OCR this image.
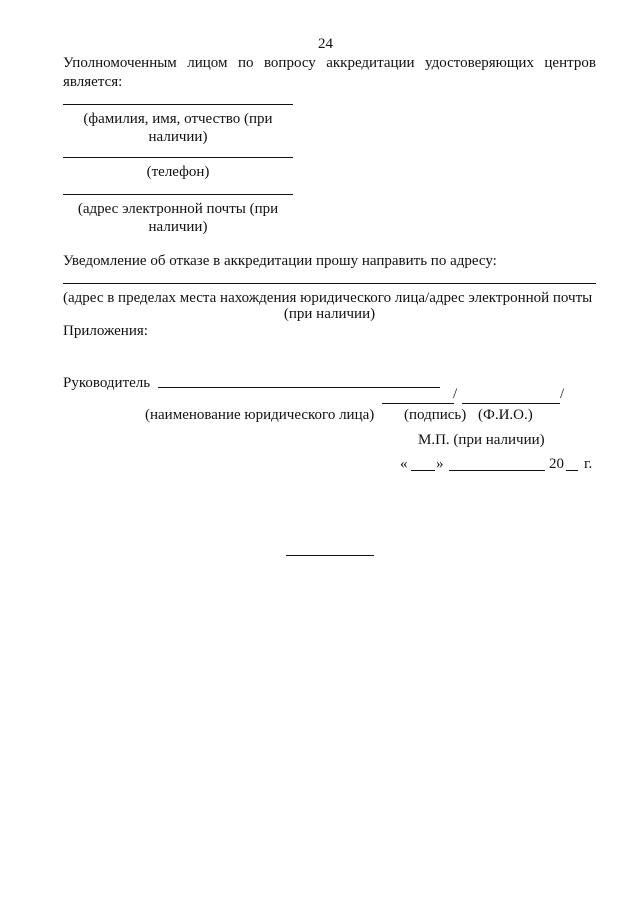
24
Уполномоченным лицом по вопросу аккредитации удостоверяющих центров
является:
(фамилия, имя, отчество (при
наличии)
(телефон)
(адрес электронной почты (при
наличии)
Уведомление об отказе в аккредитации прошу направить по адресу:
(адрес в пределах места нахождения юридического лица/адрес электронной почты
(при наличии)
Приложения:
Руководитель
/	/
(наименование юридического лица) (подпись) (Ф.И.О.)
М.П. (при наличии)
« »	20 г.
